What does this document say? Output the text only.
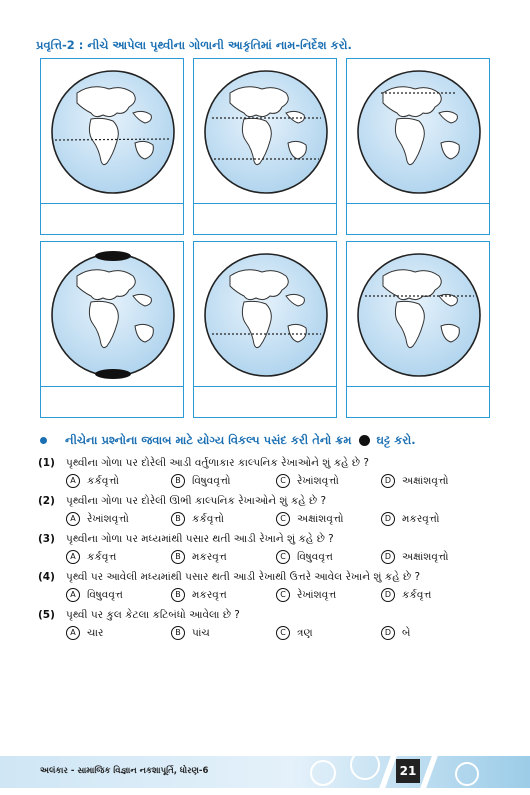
પ્રવૃત્તિ-2 : નીચે આપેલા પૃથ્વીના ગોળાની આકૃતિમાં નામ-નિર્દેશ કરો.
નીચેના પ્રશ્નોના જવાબ માટે યોગ્ય વિકલ્પ પસંદ કરી તેનો ક્રમ ઘટ્ટ કરો.
(1) પૃથ્વીના ગોળા પર દોરેલી આડી વર્તુળાકાર કાલ્પનિક રેખાઓને શું કહે છે ?
A કર્કવૃત્તો	B વિષુવવૃત્તો	C રેખાંશવૃત્તો	D અક્ષાંશવૃત્તો
(2) પૃથ્વીના ગોળા પર દોરેલી ઊભી કાલ્પનિક રેખાઓને શું કહે છે ?
A રેખાંશવૃત્તો	B કર્કવૃત્તો	C અક્ષાંશવૃત્તો	D મકરવૃત્તો
(3) પૃથ્વીના ગોળા પર મધ્યમાંથી પસાર થતી આડી રેખાને શું કહે છે ?
A કર્કવૃત્ત	B મકરવૃત્ત	C વિષુવવૃત્ત	D અક્ષાંશવૃત્તો
(4) પૃથ્વી પર આવેલી મધ્યમાંથી પસાર થતી આડી રેખાથી ઉત્તરે આવેલ રેખાને શું કહે છે ?
A વિષુવવૃત્ત	B મકરવૃત્ત	C રેખાંશવૃત્ત	D કર્કવૃત્ત
(5) પૃથ્વી પર કુલ કેટલા કટિબંધો આવેલા છે ?
A ચાર	B પાંચ	C ત્રણ	D બે
અલંકાર - સામાજિક વિજ્ઞાન નકશાપૂર્તિ, ધોરણ-6	21
